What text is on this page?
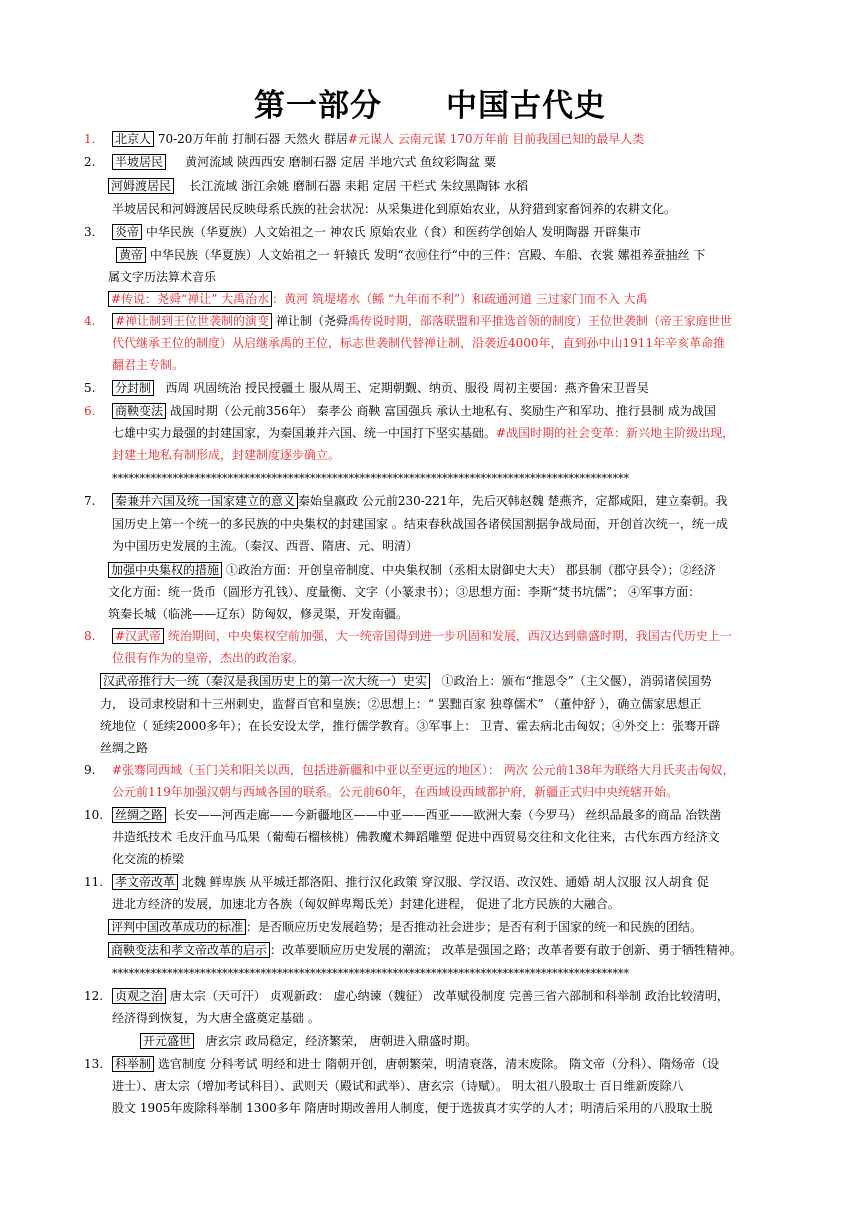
第一部分 中国古代史
1. 北京人 70-20万年前 打制石器 天然火 群居#元谋人 云南元谋 170万年前 目前我国已知的最早人类
2. 半坡居民 黄河流域 陕西西安 磨制石器 定居 半地穴式 鱼纹彩陶盆 粟
河姆渡居民 长江流域 浙江余姚 磨制石器 耒耜 定居 干栏式 朱纹黑陶钵 水稻
半坡居民和河姆渡居民反映母系氏族的社会状况：从采集进化到原始农业，从狩猎到家畜饲养的农耕文化。
3. 炎帝 中华民族（华夏族）人文始祖之一 神农氏 原始农业（食）和医药学创始人 发明陶器 开辟集市
黄帝 中华民族（华夏族）人文始祖之一 轩辕氏 发明“衣⑩住行“中的三件：宫殿、车船、衣裳 嫘祖养蚕抽丝 下
属文字历法算术音乐
#传说：尧舜“禅让” 大禹治水 ：黄河 筑堤堵水（鲧 “九年而不利”）和疏通河道 三过家门而不入 大禹
4. #禅让制到王位世袭制的演变 禅让制（尧舜禹传说时期，部落联盟和平推选首领的制度）王位世袭制（帝王家庭世世
代代继承王位的制度）从启继承禹的王位，标志世袭制代替禅让制，沿袭近4000年，直到孙中山1911年辛亥革命推
翻君主专制。
5. 分封制 西周 巩固统治 授民授疆土 服从周王、定期朝觐、纳贡、服役 周初主要国：燕齐鲁宋卫晋吴
6. 商鞅变法 战国时期（公元前356年） 秦孝公 商鞅 富国强兵 承认土地私有、奖励生产和军功、推行县制 成为战国
七雄中实力最强的封建国家，为秦国兼并六国、统一中国打下坚实基础。#战国时期的社会变革：新兴地主阶级出现，
封建土地私有制形成，封建制度逐步确立。
**********************************************************************************************
7. 秦兼并六国及统一国家建立的意义 秦始皇嬴政 公元前230-221年，先后灭韩赵魏 楚燕齐，定都咸阳，建立秦朝。我
国历史上第一个统一的多民族的中央集权的封建国家 。结束春秋战国各诸侯国割据争战局面，开创首次统一，统一成
为中国历史发展的主流。（秦汉、西晋、隋唐、元、明清）
加强中央集权的措施 ①政治方面：开创皇帝制度、中央集权制（丞相太尉御史大夫） 郡县制（郡守县令）；②经济
文化方面：统一货币（圆形方孔钱）、度量衡、文字（小篆隶书）；③思想方面：李斯“焚书坑儒”； ④军事方面：
筑秦长城（临洮——辽东）防匈奴，修灵渠，开发南疆。
8. #汉武帝 统治期间，中央集权空前加强，大一统帝国得到进一步巩固和发展，西汉达到鼎盛时期，我国古代历史上一
位很有作为的皇帝，杰出的政治家。
汉武帝推行大一统（秦汉是我国历史上的第一次大统一）史实 ①政治上：颁布“推恩令”（主父偃），消弱诸侯国势
力， 设司隶校尉和十三州刺史，监督百官和皇族；②思想上：“ 罢黜百家 独尊儒术” （董仲舒 ），确立儒家思想正
统地位（ 延续2000多年）；在长安设太学，推行儒学教育。③军事上： 卫青、霍去病北击匈奴；④外交上：张骞开辟
丝绸之路
9. #张骞同西域（玉门关和阳关以西，包括进新疆和中亚以至更远的地区）： 两次 公元前138年为联络大月氏夹击匈奴，
公元前119年加强汉朝与西域各国的联系。公元前60年，在西域设西域都护府，新疆正式归中央统辖开始。
10. 丝绸之路 长安——河西走廊——今新疆地区——中亚——西亚——欧洲大秦（今罗马） 丝织品最多的商品 冶铁凿
井造纸技术 毛皮汗血马瓜果（葡萄石榴核桃）佛教魔术舞蹈雕塑 促进中西贸易交往和文化往来，古代东西方经济文
化交流的桥梁
11. 孝文帝改革 北魏 鲜卑族 从平城迁都洛阳、推行汉化政策 穿汉服、学汉语、改汉姓、通婚 胡人汉服 汉人胡食 促
进北方经济的发展，加速北方各族（匈奴鲜卑羯氐羌）封建化进程， 促进了北方民族的大融合。
评判中国改革成功的标准 ：是否顺应历史发展趋势；是否推动社会进步；是否有利于国家的统一和民族的团结。
商鞅变法和孝文帝改革的启示 ：改革要顺应历史发展的潮流； 改革是强国之路；改革者要有敢于创新、勇于牺牲精神。
**********************************************************************************************
12. 贞观之治 唐太宗（天可汗） 贞观新政： 虚心纳谏（魏征） 改革赋役制度 完善三省六部制和科举制 政治比较清明，
经济得到恢复，为大唐全盛奠定基础 。
开元盛世 唐玄宗 政局稳定，经济繁荣， 唐朝进入鼎盛时期。
13. 科举制 选官制度 分科考试 明经和进士 隋朝开创，唐朝繁荣，明清衰落，清末废除。 隋文帝（分科）、隋炀帝（设
进士）、唐太宗（增加考试科目）、武则天（殿试和武举）、唐玄宗（诗赋）。 明太祖八股取士 百日维新废除八
股文 1905年废除科举制 1300多年 隋唐时期改善用人制度，便于选拔真才实学的人才；明清后采用的八股取士脱
